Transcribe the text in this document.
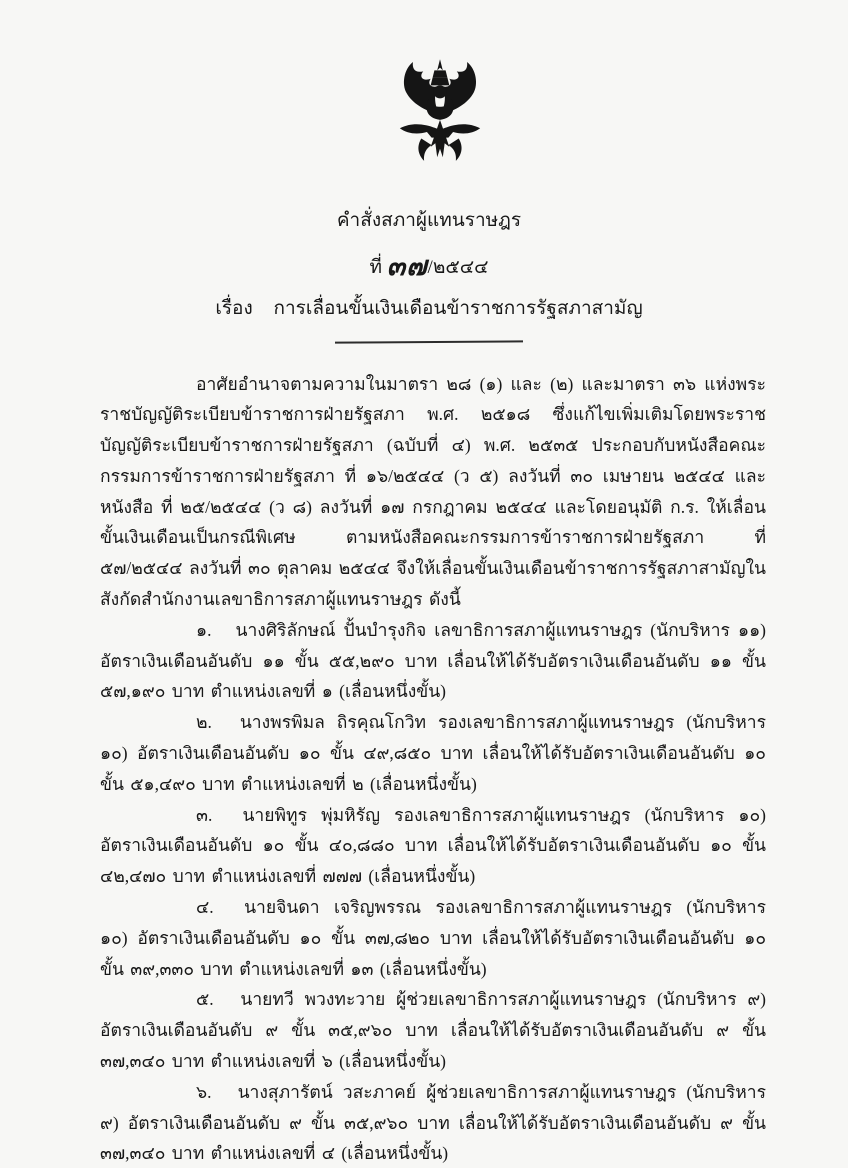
คำสั่งสภาผู้แทนราษฎร
ที่ ๓๗/๒๕๔๔
เรื่อง การเลื่อนขั้นเงินเดือนข้าราชการรัฐสภาสามัญ

อาศัยอำนาจตามความในมาตรา ๒๘ (๑) และ (๒) และมาตรา ๓๖ แห่งพระราชบัญญัติระเบียบข้าราชการฝ่ายรัฐสภา พ.ศ. ๒๕๑๘ ซึ่งแก้ไขเพิ่มเติมโดยพระราชบัญญัติระเบียบข้าราชการฝ่ายรัฐสภา (ฉบับที่ ๔) พ.ศ. ๒๕๓๕ ประกอบกับหนังสือคณะกรรมการข้าราชการฝ่ายรัฐสภา ที่ ๑๖/๒๕๔๔ (ว ๕) ลงวันที่ ๓๐ เมษายน ๒๕๔๔ และหนังสือ ที่ ๒๕/๒๕๔๔ (ว ๘) ลงวันที่ ๑๗ กรกฎาคม ๒๕๔๔ และโดยอนุมัติ ก.ร. ให้เลื่อนขั้นเงินเดือนเป็นกรณีพิเศษ ตามหนังสือคณะกรรมการข้าราชการฝ่ายรัฐสภา ที่ ๕๗/๒๕๔๔ ลงวันที่ ๓๐ ตุลาคม ๒๕๔๔ จึงให้เลื่อนขั้นเงินเดือนข้าราชการรัฐสภาสามัญในสังกัดสำนักงานเลขาธิการสภาผู้แทนราษฎร ดังนี้

๑. นางศิริลักษณ์ ปั้นบำรุงกิจ เลขาธิการสภาผู้แทนราษฎร (นักบริหาร ๑๑) อัตราเงินเดือนอันดับ ๑๑ ขั้น ๕๕,๒๙๐ บาท เลื่อนให้ได้รับอัตราเงินเดือนอันดับ ๑๑ ขั้น ๕๗,๑๙๐ บาท ตำแหน่งเลขที่ ๑ (เลื่อนหนึ่งขั้น)

๒. นางพรพิมล ถิรคุณโกวิท รองเลขาธิการสภาผู้แทนราษฎร (นักบริหาร ๑๐) อัตราเงินเดือนอันดับ ๑๐ ขั้น ๔๙,๘๕๐ บาท เลื่อนให้ได้รับอัตราเงินเดือนอันดับ ๑๐ ขั้น ๕๑,๔๙๐ บาท ตำแหน่งเลขที่ ๒ (เลื่อนหนึ่งขั้น)

๓. นายพิทูร พุ่มหิรัญ รองเลขาธิการสภาผู้แทนราษฎร (นักบริหาร ๑๐) อัตราเงินเดือนอันดับ ๑๐ ขั้น ๔๐,๘๘๐ บาท เลื่อนให้ได้รับอัตราเงินเดือนอันดับ ๑๐ ขั้น ๔๒,๔๗๐ บาท ตำแหน่งเลขที่ ๗๗๗ (เลื่อนหนึ่งขั้น)

๔. นายจินดา เจริญพรรณ รองเลขาธิการสภาผู้แทนราษฎร (นักบริหาร ๑๐) อัตราเงินเดือนอันดับ ๑๐ ขั้น ๓๗,๘๒๐ บาท เลื่อนให้ได้รับอัตราเงินเดือนอันดับ ๑๐ ขั้น ๓๙,๓๓๐ บาท ตำแหน่งเลขที่ ๑๓ (เลื่อนหนึ่งขั้น)

๕. นายทวี พวงทะวาย ผู้ช่วยเลขาธิการสภาผู้แทนราษฎร (นักบริหาร ๙) อัตราเงินเดือนอันดับ ๙ ขั้น ๓๕,๙๖๐ บาท เลื่อนให้ได้รับอัตราเงินเดือนอันดับ ๙ ขั้น ๓๗,๓๔๐ บาท ตำแหน่งเลขที่ ๖ (เลื่อนหนึ่งขั้น)

๖. นางสุภารัตน์ วสะภาคย์ ผู้ช่วยเลขาธิการสภาผู้แทนราษฎร (นักบริหาร ๙) อัตราเงินเดือนอันดับ ๙ ขั้น ๓๕,๙๖๐ บาท เลื่อนให้ได้รับอัตราเงินเดือนอันดับ ๙ ขั้น ๓๗,๓๔๐ บาท ตำแหน่งเลขที่ ๔ (เลื่อนหนึ่งขั้น)
